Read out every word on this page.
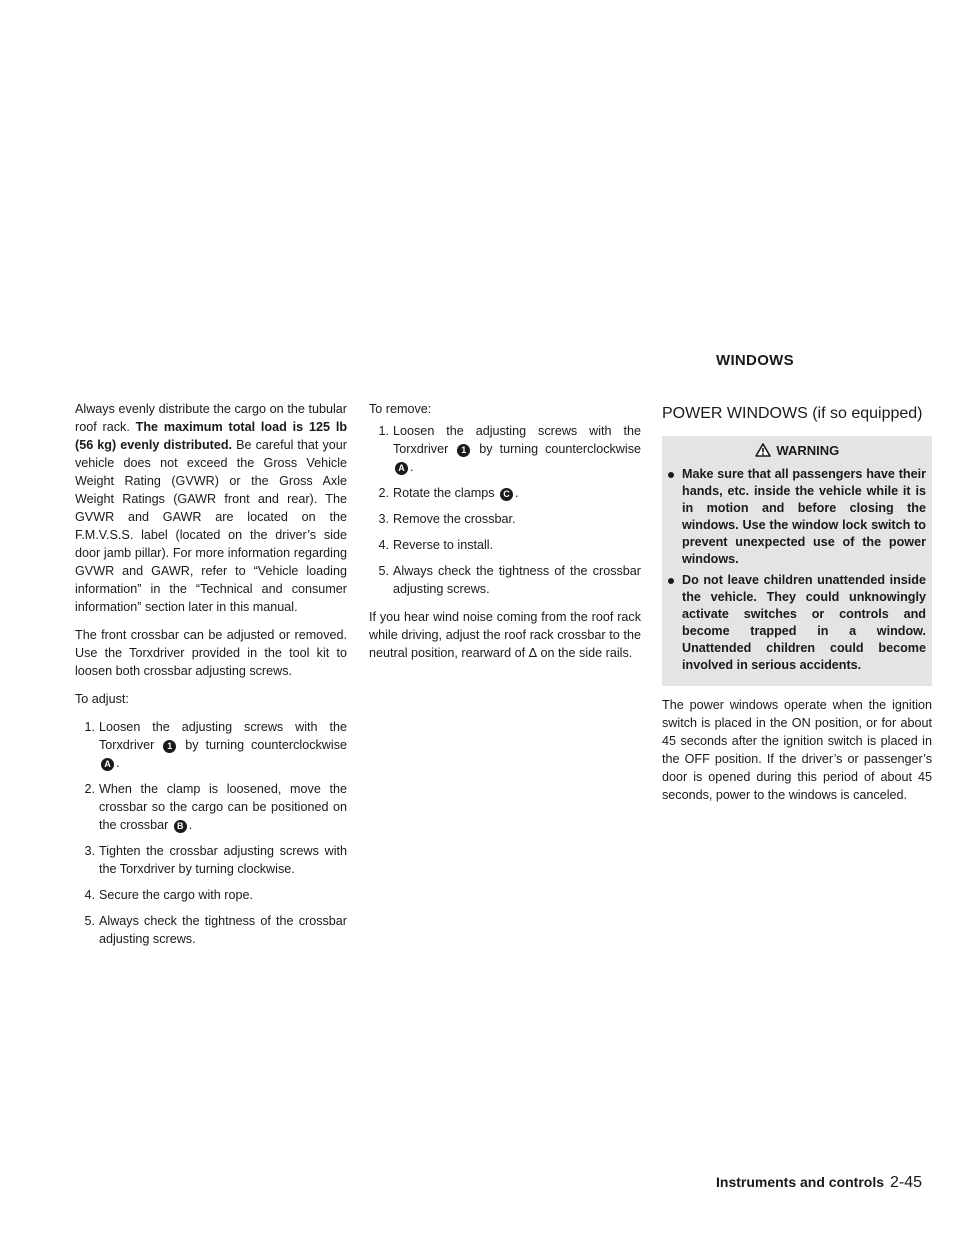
WINDOWS

Always evenly distribute the cargo on the tubular roof rack. The maximum total load is 125 lb (56 kg) evenly distributed. Be careful that your vehicle does not exceed the Gross Vehicle Weight Rating (GVWR) or the Gross Axle Weight Ratings (GAWR front and rear). The GVWR and GAWR are located on the F.M.V.S.S. label (located on the driver’s side door jamb pillar). For more information regarding GVWR and GAWR, refer to “Vehicle loading information” in the “Technical and consumer information” section later in this manual.

The front crossbar can be adjusted or removed. Use the Torxdriver provided in the tool kit to loosen both crossbar adjusting screws.

To adjust:

1. Loosen the adjusting screws with the Torxdriver 1 by turning counterclockwise A .
2. When the clamp is loosened, move the crossbar so the cargo can be positioned on the crossbar B .
3. Tighten the crossbar adjusting screws with the Torxdriver by turning clockwise.
4. Secure the cargo with rope.
5. Always check the tightness of the crossbar adjusting screws.

To remove:

1. Loosen the adjusting screws with the Torxdriver 1 by turning counterclockwise A .
2. Rotate the clamps C .
3. Remove the crossbar.
4. Reverse to install.
5. Always check the tightness of the crossbar adjusting screws.

If you hear wind noise coming from the roof rack while driving, adjust the roof rack crossbar to the neutral position, rearward of ∆ on the side rails.

POWER WINDOWS (if so equipped)
WARNING
Make sure that all passengers have their hands, etc. inside the vehicle while it is in motion and before closing the windows. Use the window lock switch to prevent unexpected use of the power windows.
Do not leave children unattended inside the vehicle. They could unknowingly activate switches or controls and become trapped in a window. Unattended children could become involved in serious accidents.

The power windows operate when the ignition switch is placed in the ON position, or for about 45 seconds after the ignition switch is placed in the OFF position. If the driver’s or passenger’s door is opened during this period of about 45 seconds, power to the windows is canceled.

Instruments and controls 2-45
